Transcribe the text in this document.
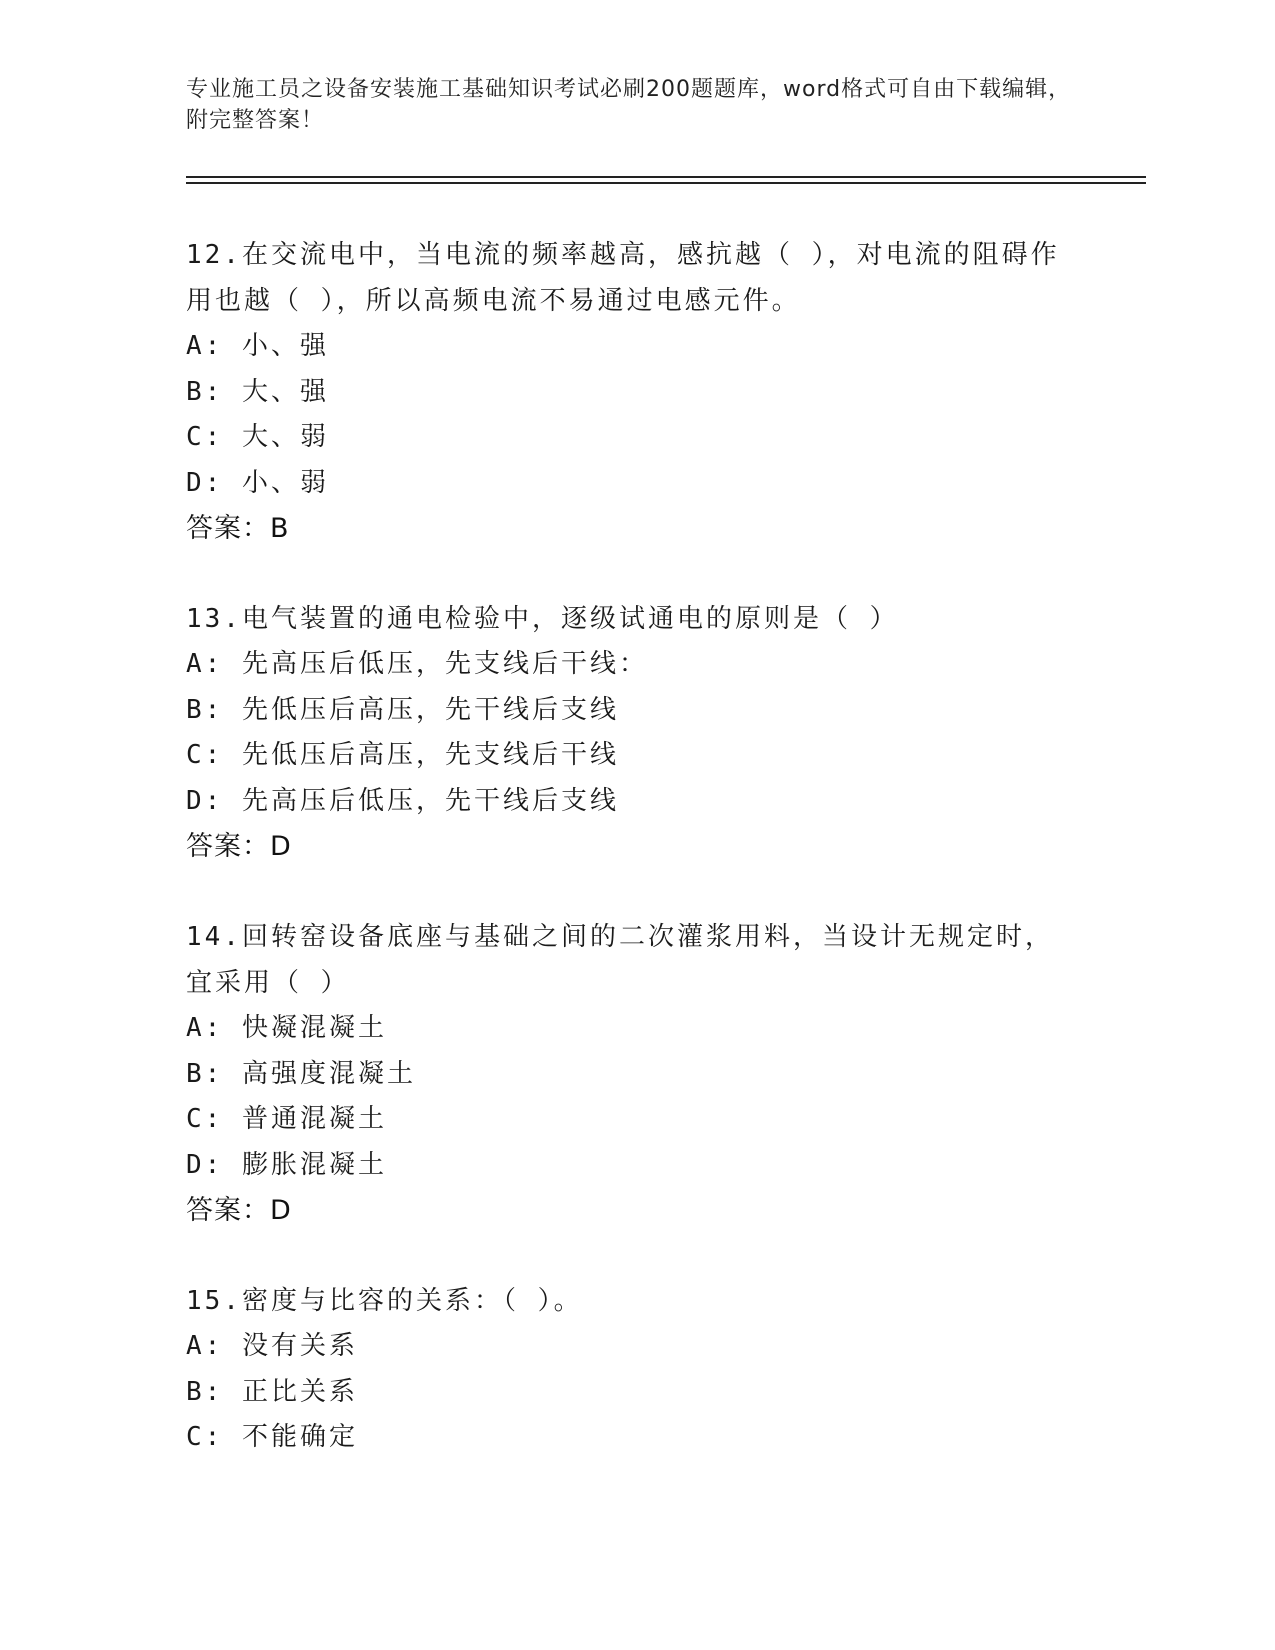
专业施工员之设备安装施工基础知识考试必刷200题题库，word格式可自由下载编辑，附完整答案！

12.在交流电中，当电流的频率越高，感抗越（ ），对电流的阻碍作用也越（ ），所以高频电流不易通过电感元件。

A: 小、强

B: 大、强

C: 大、弱

D: 小、弱

答案：B

13.电气装置的通电检验中，逐级试通电的原则是（ ）

A: 先高压后低压，先支线后干线：

B: 先低压后高压，先干线后支线

C: 先低压后高压，先支线后干线

D: 先高压后低压，先干线后支线

答案：D

14.回转窑设备底座与基础之间的二次灌浆用料，当设计无规定时，宜采用（ ）

A: 快凝混凝土

B: 高强度混凝土

C: 普通混凝土

D: 膨胀混凝土

答案：D

15.密度与比容的关系：（ ）。

A: 没有关系

B: 正比关系

C: 不能确定
